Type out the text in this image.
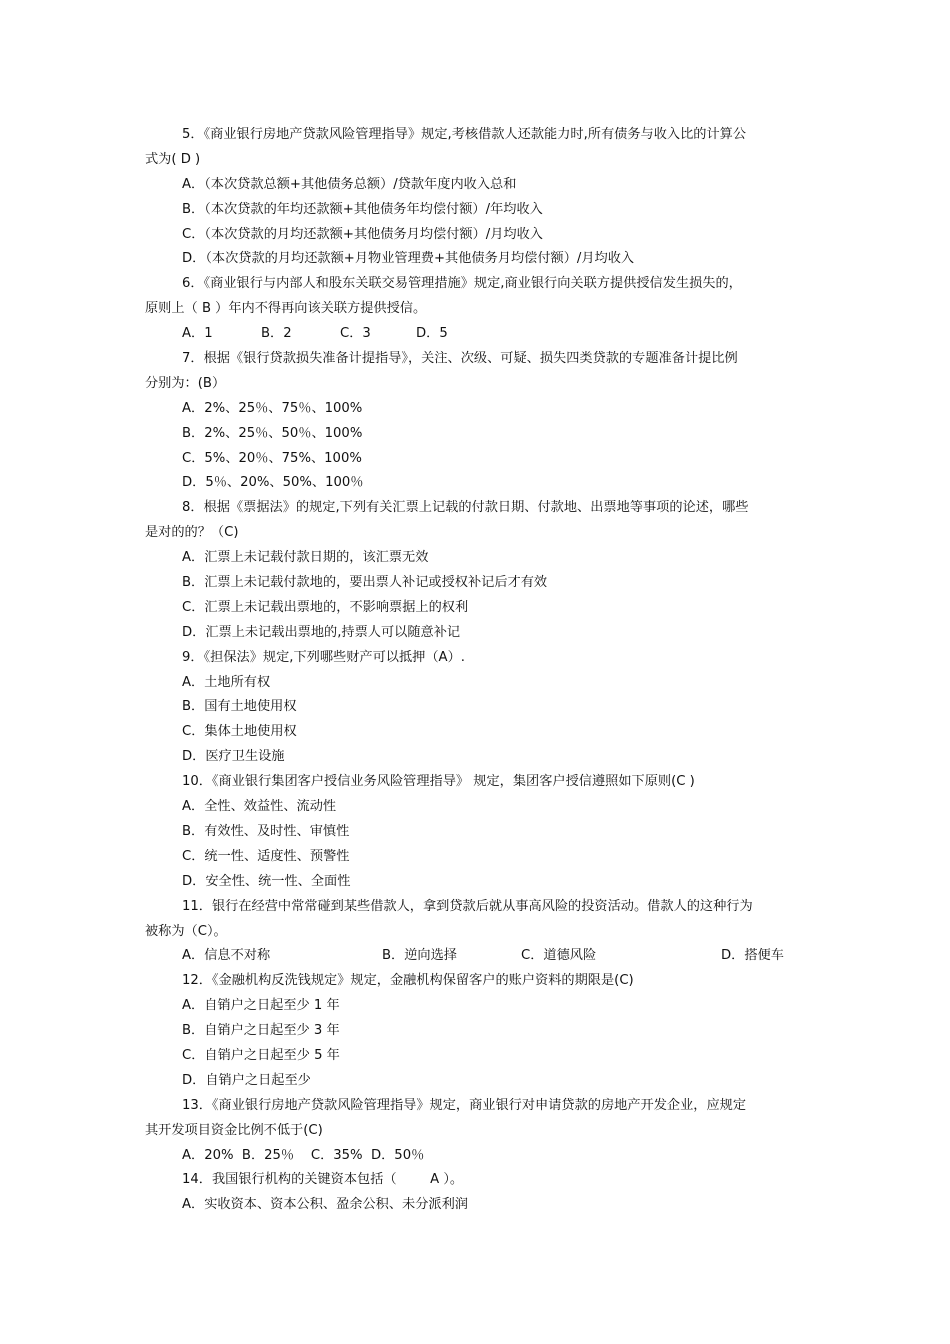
5．《商业银行房地产贷款风险管理指导》规定,考核借款人还款能力时,所有债务与收入比的计算公
式为( D )
A．（本次贷款总额+其他债务总额）/贷款年度内收入总和
B．（本次贷款的年均还款额+其他债务年均偿付额）/年均收入
C．（本次贷款的月均还款额+其他债务月均偿付额）/月均收入
D．（本次贷款的月均还款额+月物业管理费+其他债务月均偿付额）/月均收入
6．《商业银行与内部人和股东关联交易管理措施》规定,商业银行向关联方提供授信发生损失的，
原则上（ B ）年内不得再向该关联方提供授信。
A．1	B．2	C．3	D．5
7．根据《银行贷款损失准备计提指导》，关注、次级、可疑、损失四类贷款的专题准备计提比例
分别为：(B）
A．2%、25％、75％、100%
B．2%、25％、50％、100%
C．5%、20％、75%、100%
D．5％、20%、50%、100％
8．根据《票据法》的规定,下列有关汇票上记载的付款日期、付款地、出票地等事项的论述，哪些
是对的的？（C)
A．汇票上未记载付款日期的，该汇票无效
B．汇票上未记载付款地的，要出票人补记或授权补记后才有效
C．汇票上未记载出票地的，不影响票据上的权利
D．汇票上未记载出票地的,持票人可以随意补记
9．《担保法》规定,下列哪些财产可以抵押（A）.
A．土地所有权
B．国有土地使用权
C．集体土地使用权
D．医疗卫生设施
10．《商业银行集团客户授信业务风险管理指导》 规定，集团客户授信遵照如下原则(C )
A．全性、效益性、流动性
B．有效性、及时性、审慎性
C．统一性、适度性、预警性
D．安全性、统一性、全面性
11．银行在经营中常常碰到某些借款人，拿到贷款后就从事高风险的投资活动。借款人的这种行为
被称为（C）。
A．信息不对称	B．逆向选择	C．道德风险	D．搭便车
12．《金融机构反洗钱规定》规定，金融机构保留客户的账户资料的期限是(C)
A．自销户之日起至少 1 年
B．自销户之日起至少 3 年
C．自销户之日起至少 5 年
D．自销户之日起至少
13．《商业银行房地产贷款风险管理指导》规定，商业银行对申请贷款的房地产开发企业，应规定
其开发项目资金比例不低于(C)
A．20%  B．25％    C．35%  D．50％
14．我国银行机构的关键资本包括（        A ）。
A．实收资本、资本公积、盈余公积、未分派利润
